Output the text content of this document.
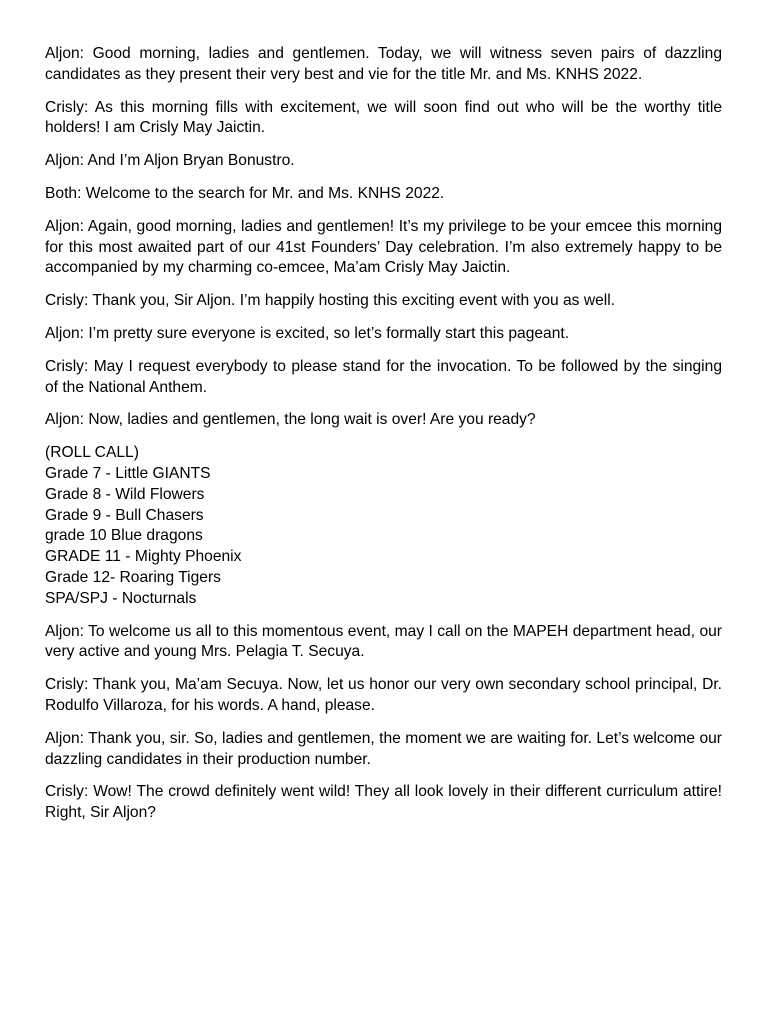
Aljon: Good morning, ladies and gentlemen. Today, we will witness seven pairs of dazzling candidates as they present their very best and vie for the title Mr. and Ms. KNHS 2022.

Crisly: As this morning fills with excitement, we will soon find out who will be the worthy title holders! I am Crisly May Jaictin.

Aljon: And I’m Aljon Bryan Bonustro.

Both: Welcome to the search for Mr. and Ms. KNHS 2022.

Aljon: Again, good morning, ladies and gentlemen! It’s my privilege to be your emcee this morning for this most awaited part of our 41st Founders’ Day celebration. I’m also extremely happy to be accompanied by my charming co-emcee, Ma’am Crisly May Jaictin.

Crisly: Thank you, Sir Aljon. I’m happily hosting this exciting event with you as well.

Aljon: I’m pretty sure everyone is excited, so let’s formally start this pageant.

Crisly: May I request everybody to please stand for the invocation. To be followed by the singing of the National Anthem.

Aljon: Now, ladies and gentlemen, the long wait is over! Are you ready?

(ROLL CALL)
Grade 7 - Little GIANTS
Grade 8 - Wild Flowers
Grade 9 - Bull Chasers
grade 10 Blue dragons
GRADE 11 - Mighty Phoenix
Grade 12- Roaring Tigers
SPA/SPJ - Nocturnals

Aljon: To welcome us all to this momentous event, may I call on the MAPEH department head, our very active and young Mrs. Pelagia T. Secuya.

Crisly: Thank you, Ma’am Secuya. Now, let us honor our very own secondary school principal, Dr. Rodulfo Villaroza, for his words. A hand, please.

Aljon: Thank you, sir. So, ladies and gentlemen, the moment we are waiting for. Let’s welcome our dazzling candidates in their production number.

Crisly: Wow! The crowd definitely went wild! They all look lovely in their different curriculum attire! Right, Sir Aljon?
